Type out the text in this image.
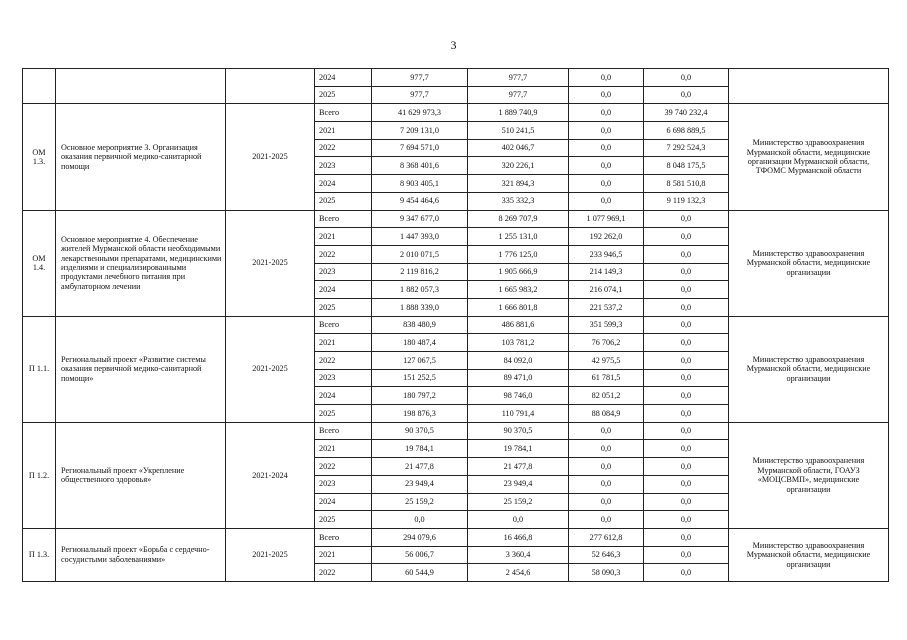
3
			2024	977,7	977,7	0,0	0,0	
			2025	977,7	977,7	0,0	0,0	
ОМ 1.3.	Основное мероприятие 3. Организация оказания первичной медико-санитарной помощи	2021-2025	Всего	41 629 973,3	1 889 740,9	0,0	39 740 232,4	Министерство здравоохранения Мурманской области, медицинские организации Мурманской области, ТФОМС Мурманской области
			2021	7 209 131,0	510 241,5	0,0	6 698 889,5	
			2022	7 694 571,0	402 046,7	0,0	7 292 524,3	
			2023	8 368 401,6	320 226,1	0,0	8 048 175,5	
			2024	8 903 405,1	321 894,3	0,0	8 581 510,8	
			2025	9 454 464,6	335 332,3	0,0	9 119 132,3	
ОМ 1.4.	Основное мероприятие 4. Обеспечение жителей Мурманской области необходимыми лекарственными препаратами, медицинскими изделиями и специализированными продуктами лечебного питания при амбулаторном лечении	2021-2025	Всего	9 347 677,0	8 269 707,9	1 077 969,1	0,0	Министерство здравоохранения Мурманской области, медицинские организации
			2021	1 447 393,0	1 255 131,0	192 262,0	0,0	
			2022	2 010 071,5	1 776 125,0	233 946,5	0,0	
			2023	2 119 816,2	1 905 666,9	214 149,3	0,0	
			2024	1 882 057,3	1 665 983,2	216 074,1	0,0	
			2025	1 888 339,0	1 666 801,8	221 537,2	0,0	
П 1.1.	Региональный проект «Развитие системы оказания первичной медико-санитарной помощи»	2021-2025	Всего	838 480,9	486 881,6	351 599,3	0,0	Министерство здравоохранения Мурманской области, медицинские организации
			2021	180 487,4	103 781,2	76 706,2	0,0	
			2022	127 067,5	84 092,0	42 975,5	0,0	
			2023	151 252,5	89 471,0	61 781,5	0,0	
			2024	180 797,2	98 746,0	82 051,2	0,0	
			2025	198 876,3	110 791,4	88 084,9	0,0	
П 1.2.	Региональный проект «Укрепление общественного здоровья»	2021-2024	Всего	90 370,5	90 370,5	0,0	0,0	Министерство здравоохранения Мурманской области, ГОАУЗ «МОЦСВМП», медицинские организации
			2021	19 784,1	19 784,1	0,0	0,0	
			2022	21 477,8	21 477,8	0,0	0,0	
			2023	23 949,4	23 949,4	0,0	0,0	
			2024	25 159,2	25 159,2	0,0	0,0	
			2025	0,0	0,0	0,0	0,0	
П 1.3.	Региональный проект «Борьба с сердечно-сосудистыми заболеваниями»	2021-2025	Всего	294 079,6	16 466,8	277 612,8	0,0	Министерство здравоохранения Мурманской области, медицинские организации
			2021	56 006,7	3 360,4	52 646,3	0,0	
			2022	60 544,9	2 454,6	58 090,3	0,0	
